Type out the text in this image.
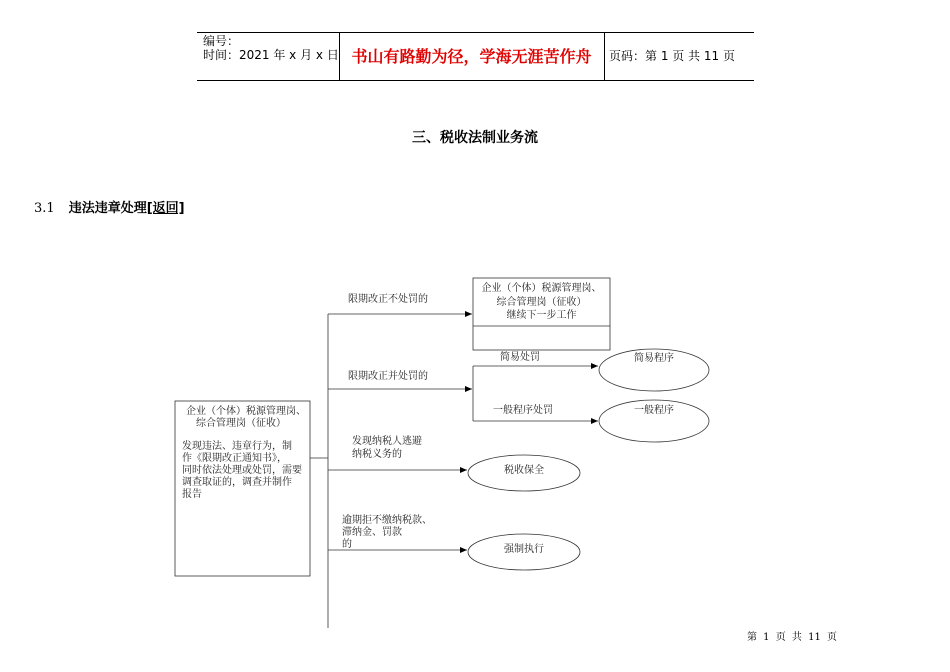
编号：
时间：2021 年 x 月 x 日 书山有路勤为径，学海无涯苦作舟	页码：第 1 页 共 11 页
三、税收法制业务流
3.1 违法违章处理[返回]
企业（个体）税源管理岗、
综合管理岗（征收）
发现违法、违章行为，制
作《限期改正通知书》，
同时依法处理或处罚，需要
调查取证的，调查并制作
报告
限期改正不处罚的
企业（个体）税源管理岗、
综合管理岗（征收）
继续下一步工作
限期改正并处罚的
简易处罚	简易程序
一般程序处罚	一般程序
发现纳税人逃避
纳税义务的
税收保全
逾期拒不缴纳税款、
滞纳金、罚款
的	强制执行
第 1 页 共 11 页
